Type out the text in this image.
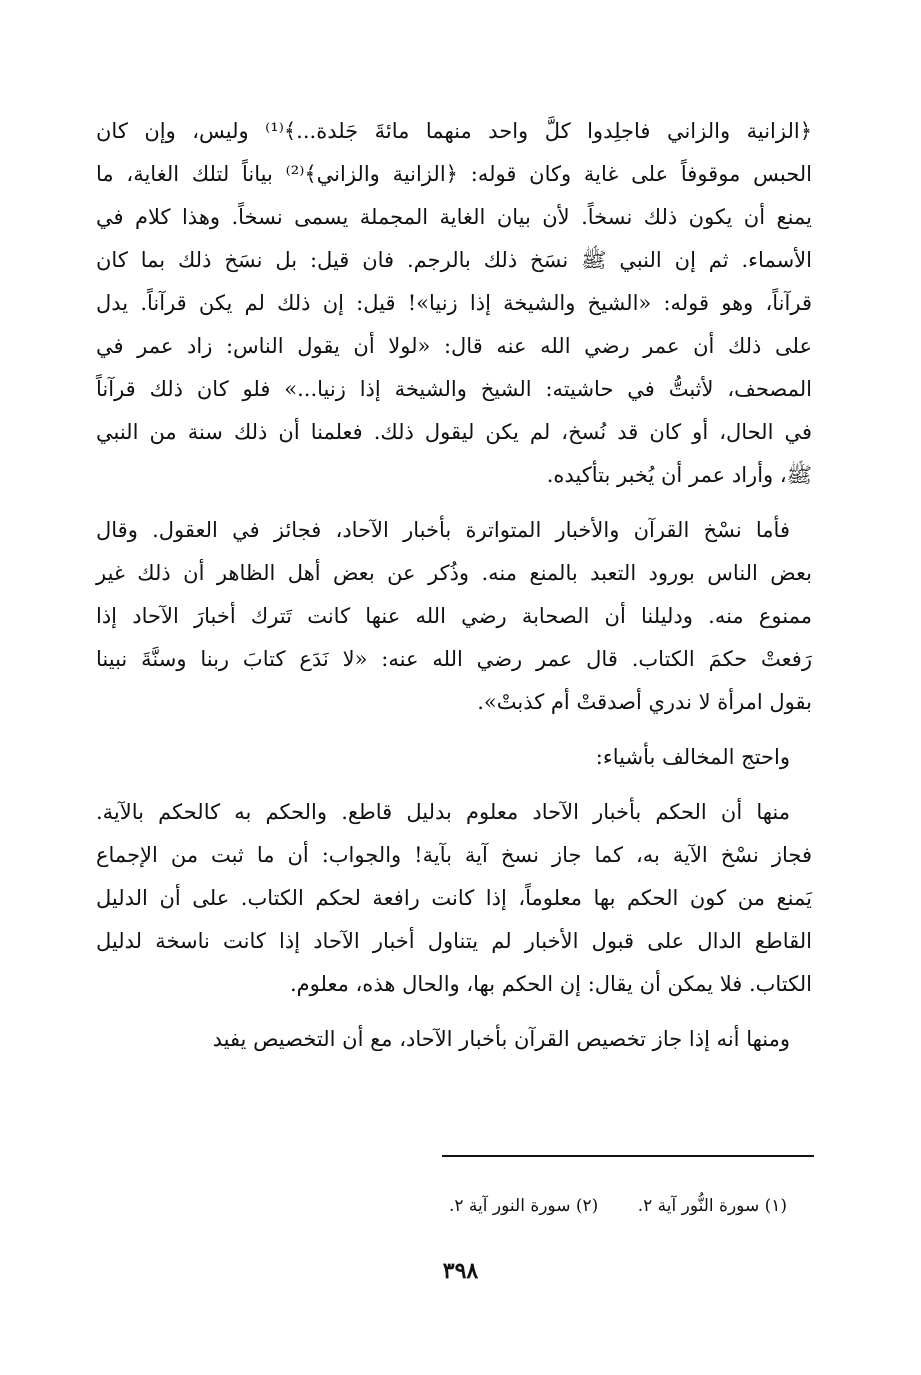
﴿الزانية والزاني فاجلِدوا كلَّ واحد منهما مائةَ جَلدة...﴾⁽¹⁾ وليس، وإن كان
الحبس موقوفاً على غاية وكان قوله: ﴿الزانية والزاني﴾⁽²⁾ بياناً لتلك الغاية، ما
يمنع أن يكون ذلك نسخاً. لأن بيان الغاية المجملة يسمى نسخاً. وهذا كلام في
الأسماء. ثم إن النبي ﷺ نسَخ ذلك بالرجم. فان قيل: بل نسَخ ذلك بما كان
قرآناً، وهو قوله: «الشيخ والشيخة إذا زنيا»! قيل: إن ذلك لم يكن قرآناً. يدل
على ذلك أن عمر رضي الله عنه قال: «لولا أن يقول الناس: زاد عمر في
المصحف، لأثبتُّ في حاشيته: الشيخ والشيخة إذا زنيا...» فلو كان ذلك قرآناً
في الحال، أو كان قد نُسخ، لم يكن ليقول ذلك. فعلمنا أن ذلك سنة من النبي
ﷺ، وأراد عمر أن يُخبر بتأكيده.

فأما نسْخ القرآن والأخبار المتواترة بأخبار الآحاد، فجائز في العقول. وقال
بعض الناس بورود التعبد بالمنع منه. وذُكر عن بعض أهل الظاهر أن ذلك غير
ممنوع منه. ودليلنا أن الصحابة رضي الله عنها كانت تَترك أخبارَ الآحاد إذا
رَفعتْ حكمَ الكتاب. قال عمر رضي الله عنه: «لا نَدَع كتابَ ربنا وسنَّةَ نبينا
بقول امرأة لا ندري أصدقتْ أم كذبتْ».

واحتج المخالف بأشياء:

منها أن الحكم بأخبار الآحاد معلوم بدليل قاطع. والحكم به كالحكم بالآية.
فجاز نسْخ الآية به، كما جاز نسخ آية بآية! والجواب: أن ما ثبت من الإجماع
يَمنع من كون الحكم بها معلوماً، إذا كانت رافعة لحكم الكتاب. على أن الدليل
القاطع الدال على قبول الأخبار لم يتناول أخبار الآحاد إذا كانت ناسخة لدليل
الكتاب. فلا يمكن أن يقال: إن الحكم بها، والحال هذه، معلوم.

ومنها أنه إذا جاز تخصيص القرآن بأخبار الآحاد، مع أن التخصيص يفيد

(١) سورة النُّور آية ٢. (٢) سورة النور آية ٢.
٣٩٨
